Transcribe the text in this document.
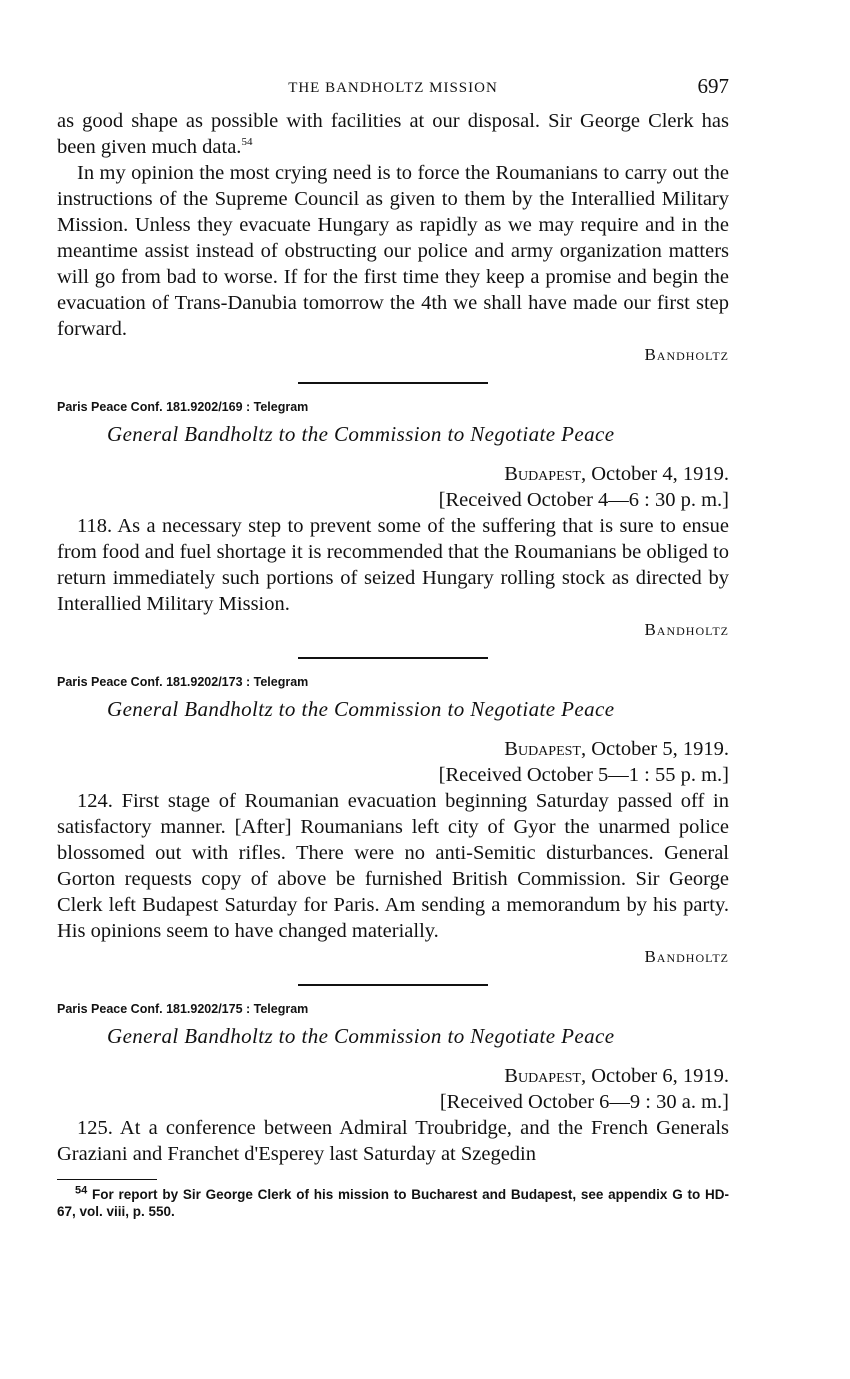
THE BANDHOLTZ MISSION	697

as good shape as possible with facilities at our disposal. Sir George Clerk has been given much data.$^{54}$

In my opinion the most crying need is to force the Roumanians to carry out the instructions of the Supreme Council as given to them by the Interallied Military Mission. Unless they evacuate Hungary as rapidly as we may require and in the meantime assist instead of obstructing our police and army organization matters will go from bad to worse. If for the first time they keep a promise and begin the evacuation of Trans-Danubia tomorrow the 4th we shall have made our first step forward.

Bandholtz
Paris Peace Conf. 181.9202/169 : Telegram
General Bandholtz to the Commission to Negotiate Peace
Budapest, October 4, 1919.
[Received October 4—6 : 30 p. m.]

118. As a necessary step to prevent some of the suffering that is sure to ensue from food and fuel shortage it is recommended that the Roumanians be obliged to return immediately such portions of seized Hungary rolling stock as directed by Interallied Military Mission.

Bandholtz
Paris Peace Conf. 181.9202/173 : Telegram
General Bandholtz to the Commission to Negotiate Peace
Budapest, October 5, 1919.
[Received October 5—1 : 55 p. m.]

124. First stage of Roumanian evacuation beginning Saturday passed off in satisfactory manner. [After] Roumanians left city of Gyor the unarmed police blossomed out with rifles. There were no anti-Semitic disturbances. General Gorton requests copy of above be furnished British Commission. Sir George Clerk left Budapest Saturday for Paris. Am sending a memorandum by his party. His opinions seem to have changed materially.

Bandholtz
Paris Peace Conf. 181.9202/175 : Telegram
General Bandholtz to the Commission to Negotiate Peace
Budapest, October 6, 1919.
[Received October 6—9 : 30 a. m.]

125. At a conference between Admiral Troubridge, and the French Generals Graziani and Franchet d'Esperey last Saturday at Szegedin

$^{54}$ For report by Sir George Clerk of his mission to Bucharest and Budapest, see appendix G to HD-67, vol. viii, p. 550.
